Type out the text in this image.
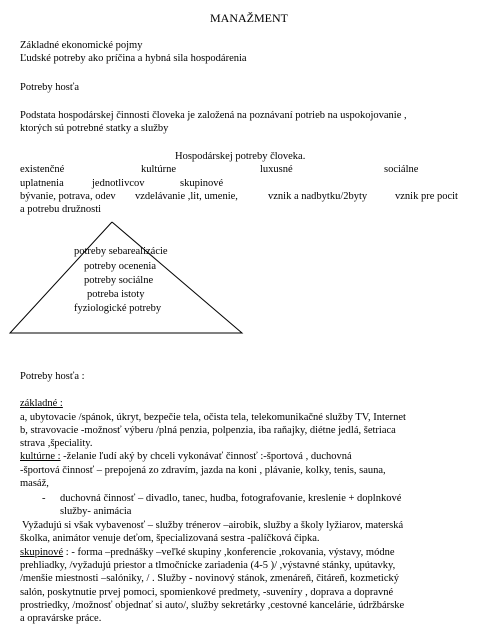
MANAŽMENT
Základné ekonomické pojmy
Ľudské potreby ako príčina a hybná sila hospodárenia
Potreby hosťa
Podstata hospodárskej činnosti človeka je založená na poznávaní potrieb na uspokojovanie ,
ktorých sú potrebné statky a služby
Hospodárskej potreby človeka.
existenčné	kultúrne	luxusné	sociálne
uplatnenia	jednotlivcov	skupinové
bývanie, potrava, odev vzdelávanie ,lit, umenie,	vznik a nadbytku/2byty	vznik pre pocit
a potrebu družnosti
potreby sebarealizácie
potreby ocenenia
potreby sociálne
potreba istoty
fyziologické potreby
Potreby hosťa :
základné :
a, ubytovacie /spánok, úkryt, bezpečie tela, očista tela, telekomunikačné služby TV, Internet
b, stravovacie -možnosť výberu /plná penzia, polpenzia, iba raňajky, diétne jedlá, šetriaca
strava ,špeciality.
kultúrne : -želanie ľudí aký by chceli vykonávať činnosť :-športová , duchovná
-športová činnosť – prepojená zo zdravím, jazda na koni , plávanie, kolky, tenis, sauna,
masáž,
- duchovná činnosť – divadlo, tanec, hudba, fotografovanie, kreslenie + doplnkové
služby- animácia
Vyžadujú si však vybavenosť – služby trénerov –airobik, služby a školy lyžiarov, materská
školka, animátor venuje deťom, špecializovaná sestra -palíčková čipka.
skupinové : - forma –prednášky –veľké skupiny ,konferencie ,rokovania, výstavy, módne
prehliadky, /vyžadujú priestor a tlmočnícke zariadenia (4-5 )/ ,výstavné stánky, upútavky,
/menšie miestnosti –salóniky, / . Služby - novinový stánok, zmenáreň, čitáreň, kozmetický
salón, poskytnutie prvej pomoci, spomienkové predmety, -suveníry , doprava a dopravné
prostriedky, /možnosť objednať si auto/, služby sekretárky ,cestovné kancelárie, údržbárske
a opravárske práce.
